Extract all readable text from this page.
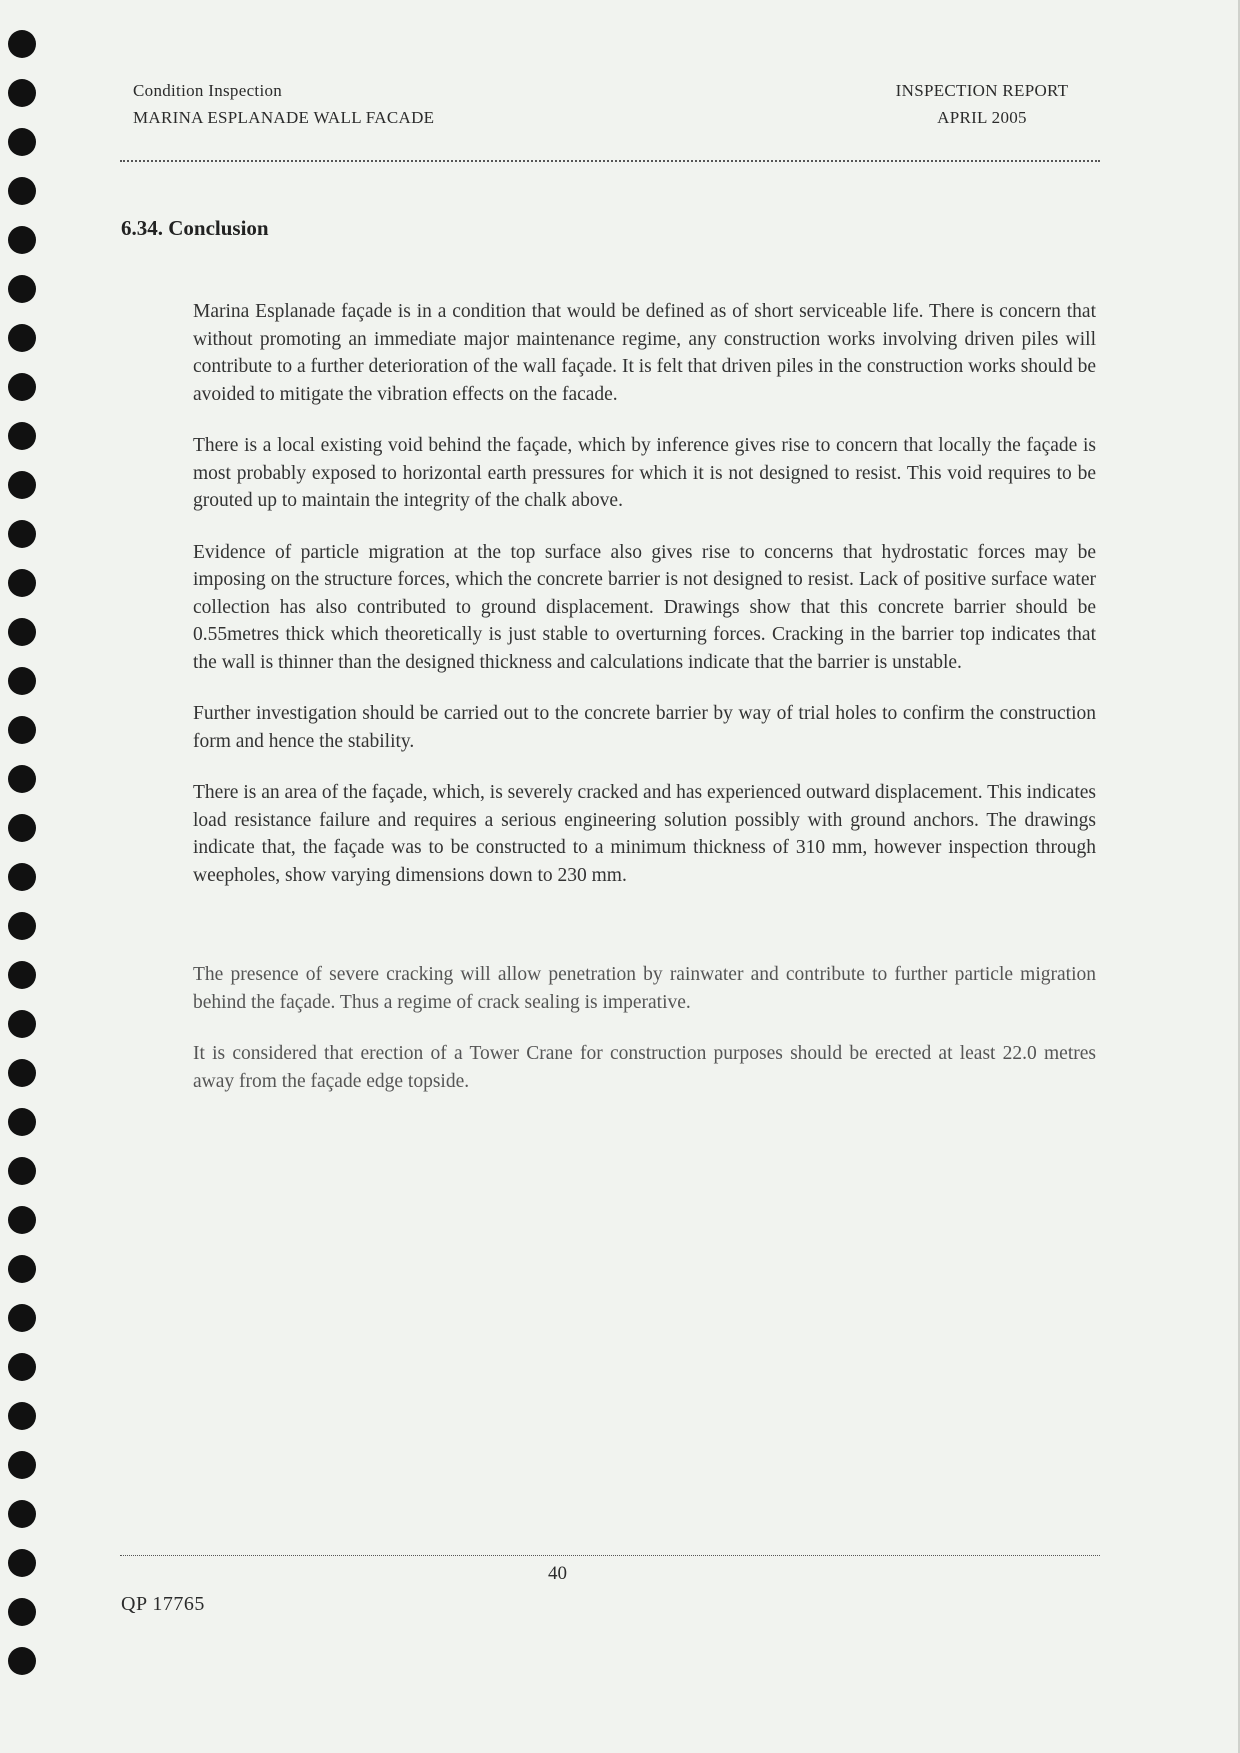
Condition Inspection
MARINA ESPLANADE WALL FACADE
INSPECTION REPORT
APRIL 2005
6.34. Conclusion

Marina Esplanade façade is in a condition that would be defined as of short serviceable life. There is concern that without promoting an immediate major maintenance regime, any construction works involving driven piles will contribute to a further deterioration of the wall façade. It is felt that driven piles in the construction works should be avoided to mitigate the vibration effects on the facade.

There is a local existing void behind the façade, which by inference gives rise to concern that locally the façade is most probably exposed to horizontal earth pressures for which it is not designed to resist. This void requires to be grouted up to maintain the integrity of the chalk above.

Evidence of particle migration at the top surface also gives rise to concerns that hydrostatic forces may be imposing on the structure forces, which the concrete barrier is not designed to resist. Lack of positive surface water collection has also contributed to ground displacement. Drawings show that this concrete barrier should be 0.55metres thick which theoretically is just stable to overturning forces. Cracking in the barrier top indicates that the wall is thinner than the designed thickness and calculations indicate that the barrier is unstable.

Further investigation should be carried out to the concrete barrier by way of trial holes to confirm the construction form and hence the stability.

There is an area of the façade, which, is severely cracked and has experienced outward displacement. This indicates load resistance failure and requires a serious engineering solution possibly with ground anchors. The drawings indicate that, the façade was to be constructed to a minimum thickness of 310 mm, however inspection through weepholes, show varying dimensions down to 230 mm.

The presence of severe cracking will allow penetration by rainwater and contribute to further particle migration behind the façade. Thus a regime of crack sealing is imperative.

It is considered that erection of a Tower Crane for construction purposes should be erected at least 22.0 metres away from the façade edge topside.

40
QP 17765
